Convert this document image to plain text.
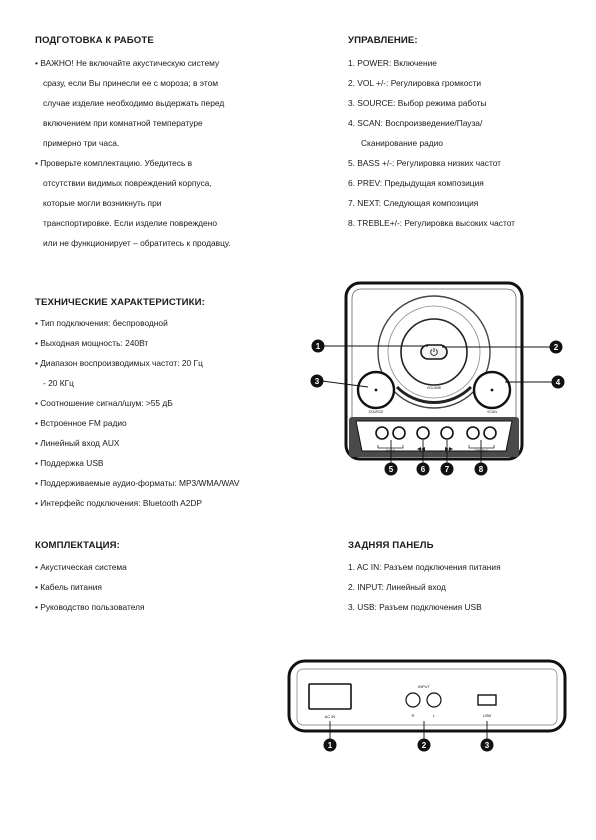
ПОДГОТОВКА К РАБОТЕ

• ВАЖНО! Не включайте акустическую систему

сразу, если Вы принесли ее с мороза; в этом

случае изделие необходимо выдержать перед

включением при комнатной температуре

примерно три часа.

• Проверьте комплектацию. Убедитесь в

отсутствии видимых повреждений корпуса,

которые могли возникнуть при

транспортировке. Если изделие повреждено

или не функционирует – обратитесь к продавцу.

УПРАВЛЕНИЕ:

1. POWER: Включение

2. VOL +/-: Регулировка громкости

3. SOURCE: Выбор режима работы

4. SCAN: Воспроизведение/Пауза/

Сканирование радио

5. BASS +/-: Регулировка низких частот

6. PREV: Предыдущая композиция

7. NEXT: Следующая композиция

8. TREBLE+/-: Регулировка высоких частот

ТЕХНИЧЕСКИЕ ХАРАКТЕРИСТИКИ:

• Тип подключения: беспроводной

• Выходная мощность: 240Вт

• Диапазон воспроизводимых частот: 20 Гц

- 20 КГц

• Соотношение сигнал/шум: >55 дБ

• Встроенное FM радио

• Линейный вход AUX

• Поддержка USB

• Поддерживаемые аудио-форматы: MP3/WMA/WAV

• Интерфейс подключения: Bluetooth A2DP

КОМПЛЕКТАЦИЯ:

• Акустическая система

• Кабель питания

• Руководство пользователя

ЗАДНЯЯ ПАНЕЛЬ

1. AC IN: Разъем подключения питания

2. INPUT: Линейный вход

3. USB: Разъем подключения USB

VOLUME
SOURCE	SCAN
BASS	TREBLE
1	2
3	4
5	6 7	8
AC IN
INPUT
R	L	USB
1	2	3
